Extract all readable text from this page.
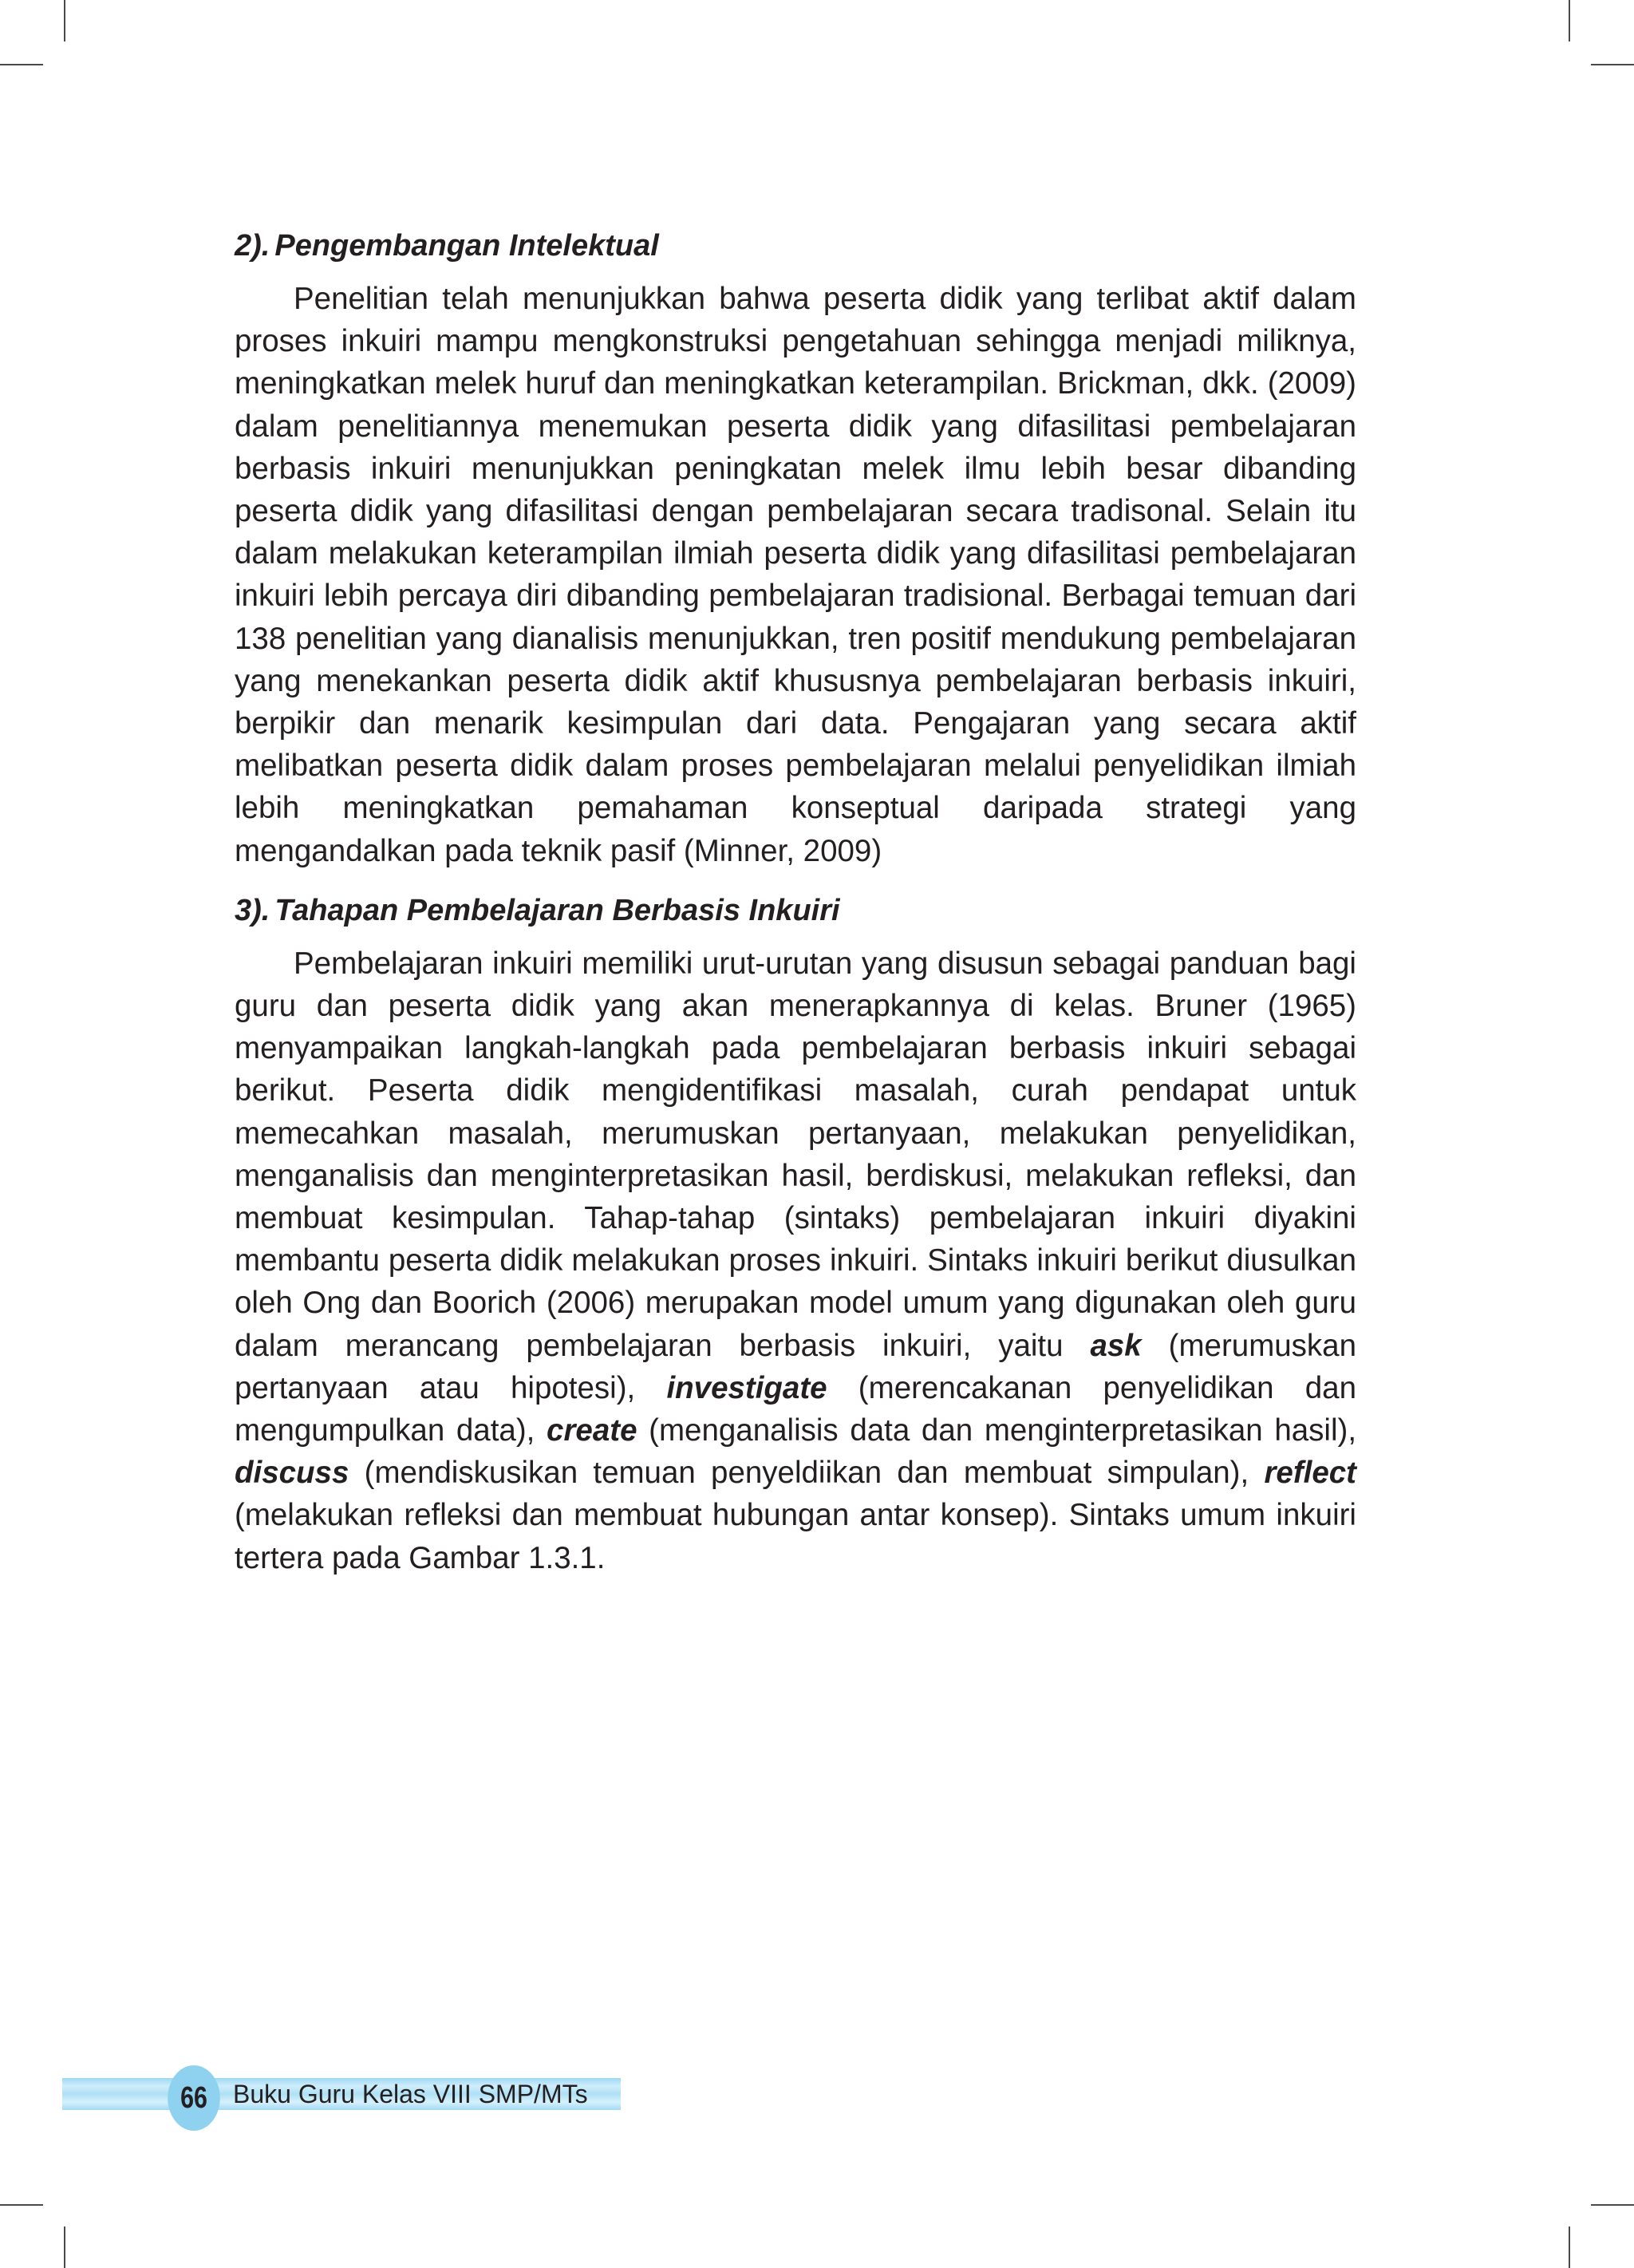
2). Pengembangan Intelektual

Penelitian telah menunjukkan bahwa peserta didik yang terlibat aktif dalam proses inkuiri mampu mengkonstruksi pengetahuan sehingga menjadi miliknya, meningkatkan melek huruf dan meningkatkan keterampilan. Brickman, dkk. (2009) dalam penelitiannya menemukan peserta didik yang difasilitasi pembelajaran berbasis inkuiri menunjukkan peningkatan melek ilmu lebih besar dibanding peserta didik yang difasilitasi dengan pembelajaran secara tradisonal. Selain itu dalam melakukan keterampilan ilmiah peserta didik yang difasilitasi pembelajaran inkuiri lebih percaya diri dibanding pembelajaran tradisional. Berbagai temuan dari 138 penelitian yang dianalisis menunjukkan, tren positif mendukung pembelajaran yang menekankan peserta didik aktif khususnya pembelajaran berbasis inkuiri, berpikir dan menarik kesimpulan dari data. Pengajaran yang secara aktif melibatkan peserta didik dalam proses pembelajaran melalui penyelidikan ilmiah lebih meningkatkan pemahaman konseptual daripada strategi yang mengandalkan pada teknik pasif (Minner, 2009)

3). Tahapan Pembelajaran Berbasis Inkuiri

Pembelajaran inkuiri memiliki urut-urutan yang disusun sebagai panduan bagi guru dan peserta didik yang akan menerapkannya di kelas. Bruner (1965) menyampaikan langkah-langkah pada pembelajaran berbasis inkuiri sebagai berikut. Peserta didik mengidentifikasi masalah, curah pendapat untuk memecahkan masalah, merumuskan pertanyaan, melakukan penyelidikan, menganalisis dan menginterpretasikan hasil, berdiskusi, melakukan refleksi, dan membuat kesimpulan. Tahap-tahap (sintaks) pembelajaran inkuiri diyakini membantu peserta didik melakukan proses inkuiri. Sintaks inkuiri berikut diusulkan oleh Ong dan Boorich (2006) merupakan model umum yang digunakan oleh guru dalam merancang pembelajaran berbasis inkuiri, yaitu ask (merumuskan pertanyaan atau hipotesi), investigate (merencakanan penyelidikan dan mengumpulkan data), create (menganalisis data dan menginterpretasikan hasil), discuss (mendiskusikan temuan penyeldiikan dan membuat simpulan), reflect (melakukan refleksi dan membuat hubungan antar konsep). Sintaks umum inkuiri tertera pada Gambar 1.3.1.

66 Buku Guru Kelas VIII SMP/MTs
